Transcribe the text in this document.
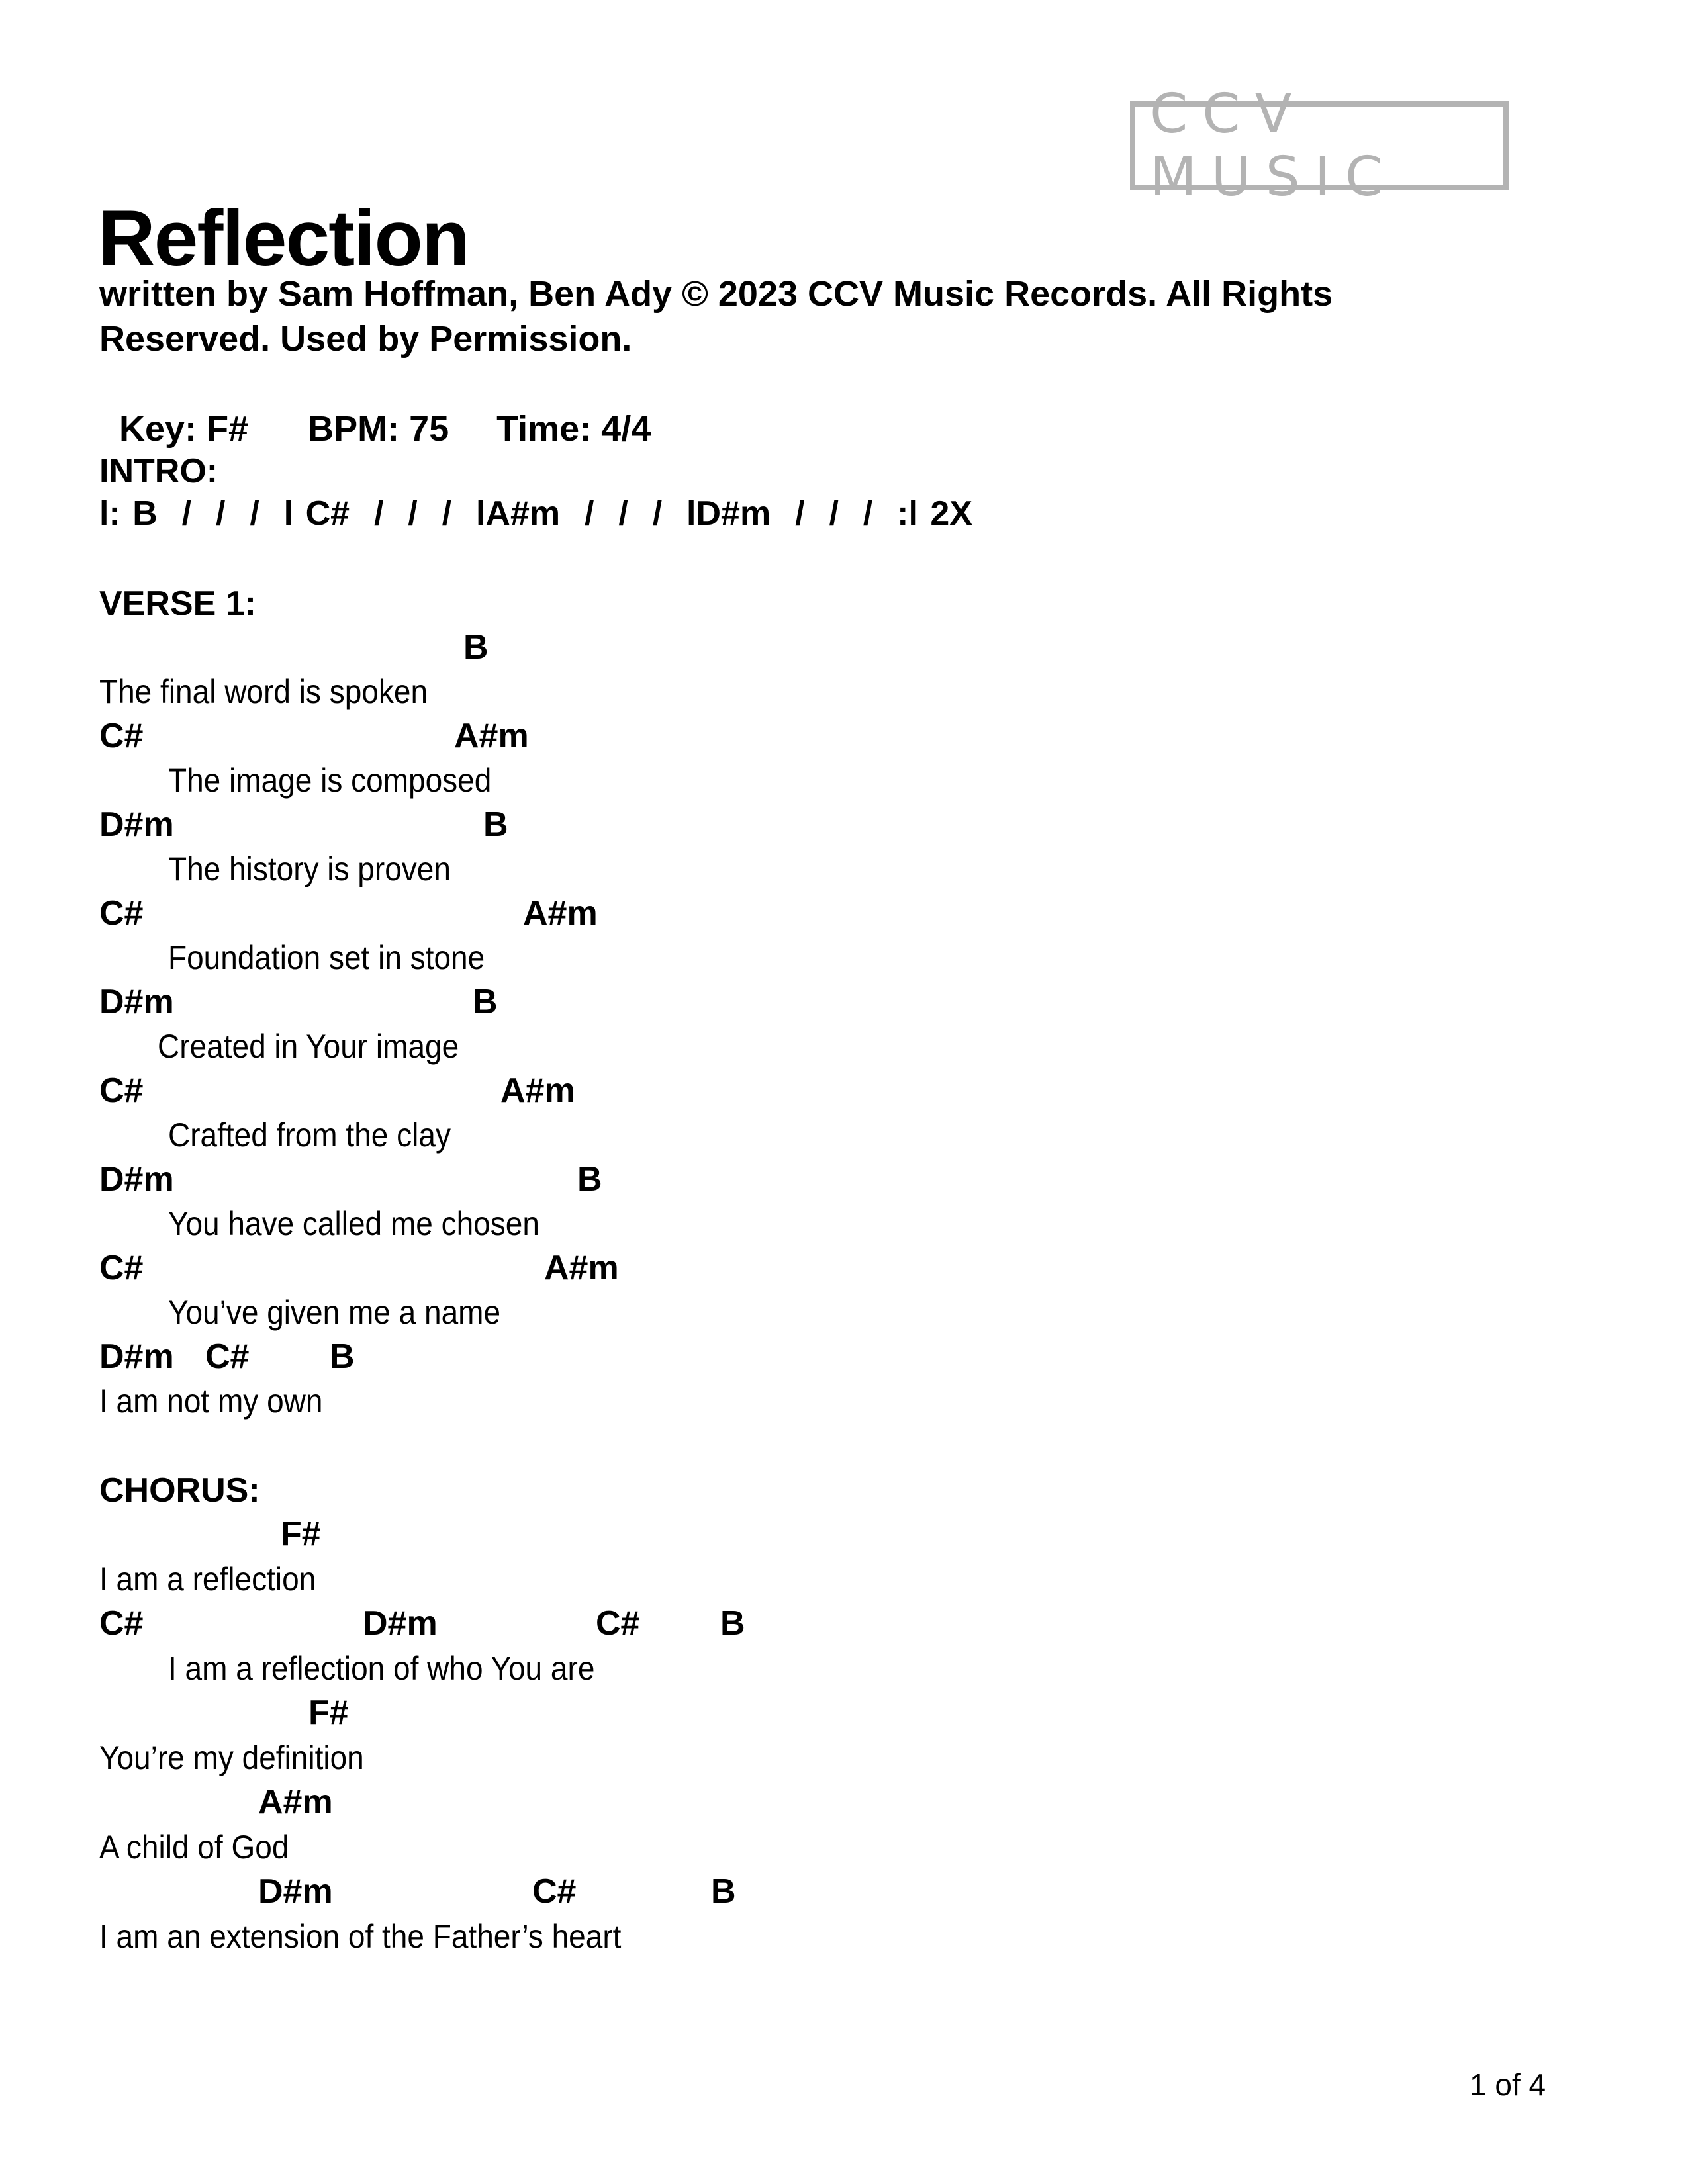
CCV MUSIC
Reflection
written by Sam Hoffman, Ben Ady © 2023 CCV Music Records. All Rights
Reserved. Used by Permission.

Key: F# BPM: 75 Time: 4/4

INTRO:
l: B  /  /  /  l C#  /  /  /  lA#m  /  /  /  lD#m  /  /  /  :l 2X
VERSE 1:
B
The final word is spoken
C#	A#m
The image is composed
D#m	B
The history is proven
C#	A#m
Foundation set in stone
D#m	B
Created in Your image
C#	A#m
Crafted from the clay
D#m	B
You have called me chosen
C#	A#m
You’ve given me a name
D#m C# B
I am not my own
CHORUS:
F#
I am a reflection
C#	D#m	C# B
I am a reflection of who You are
F#
You’re my definition
A#m
A child of God
D#m	C#	B
I am an extension of the Father’s heart
1 of 4
